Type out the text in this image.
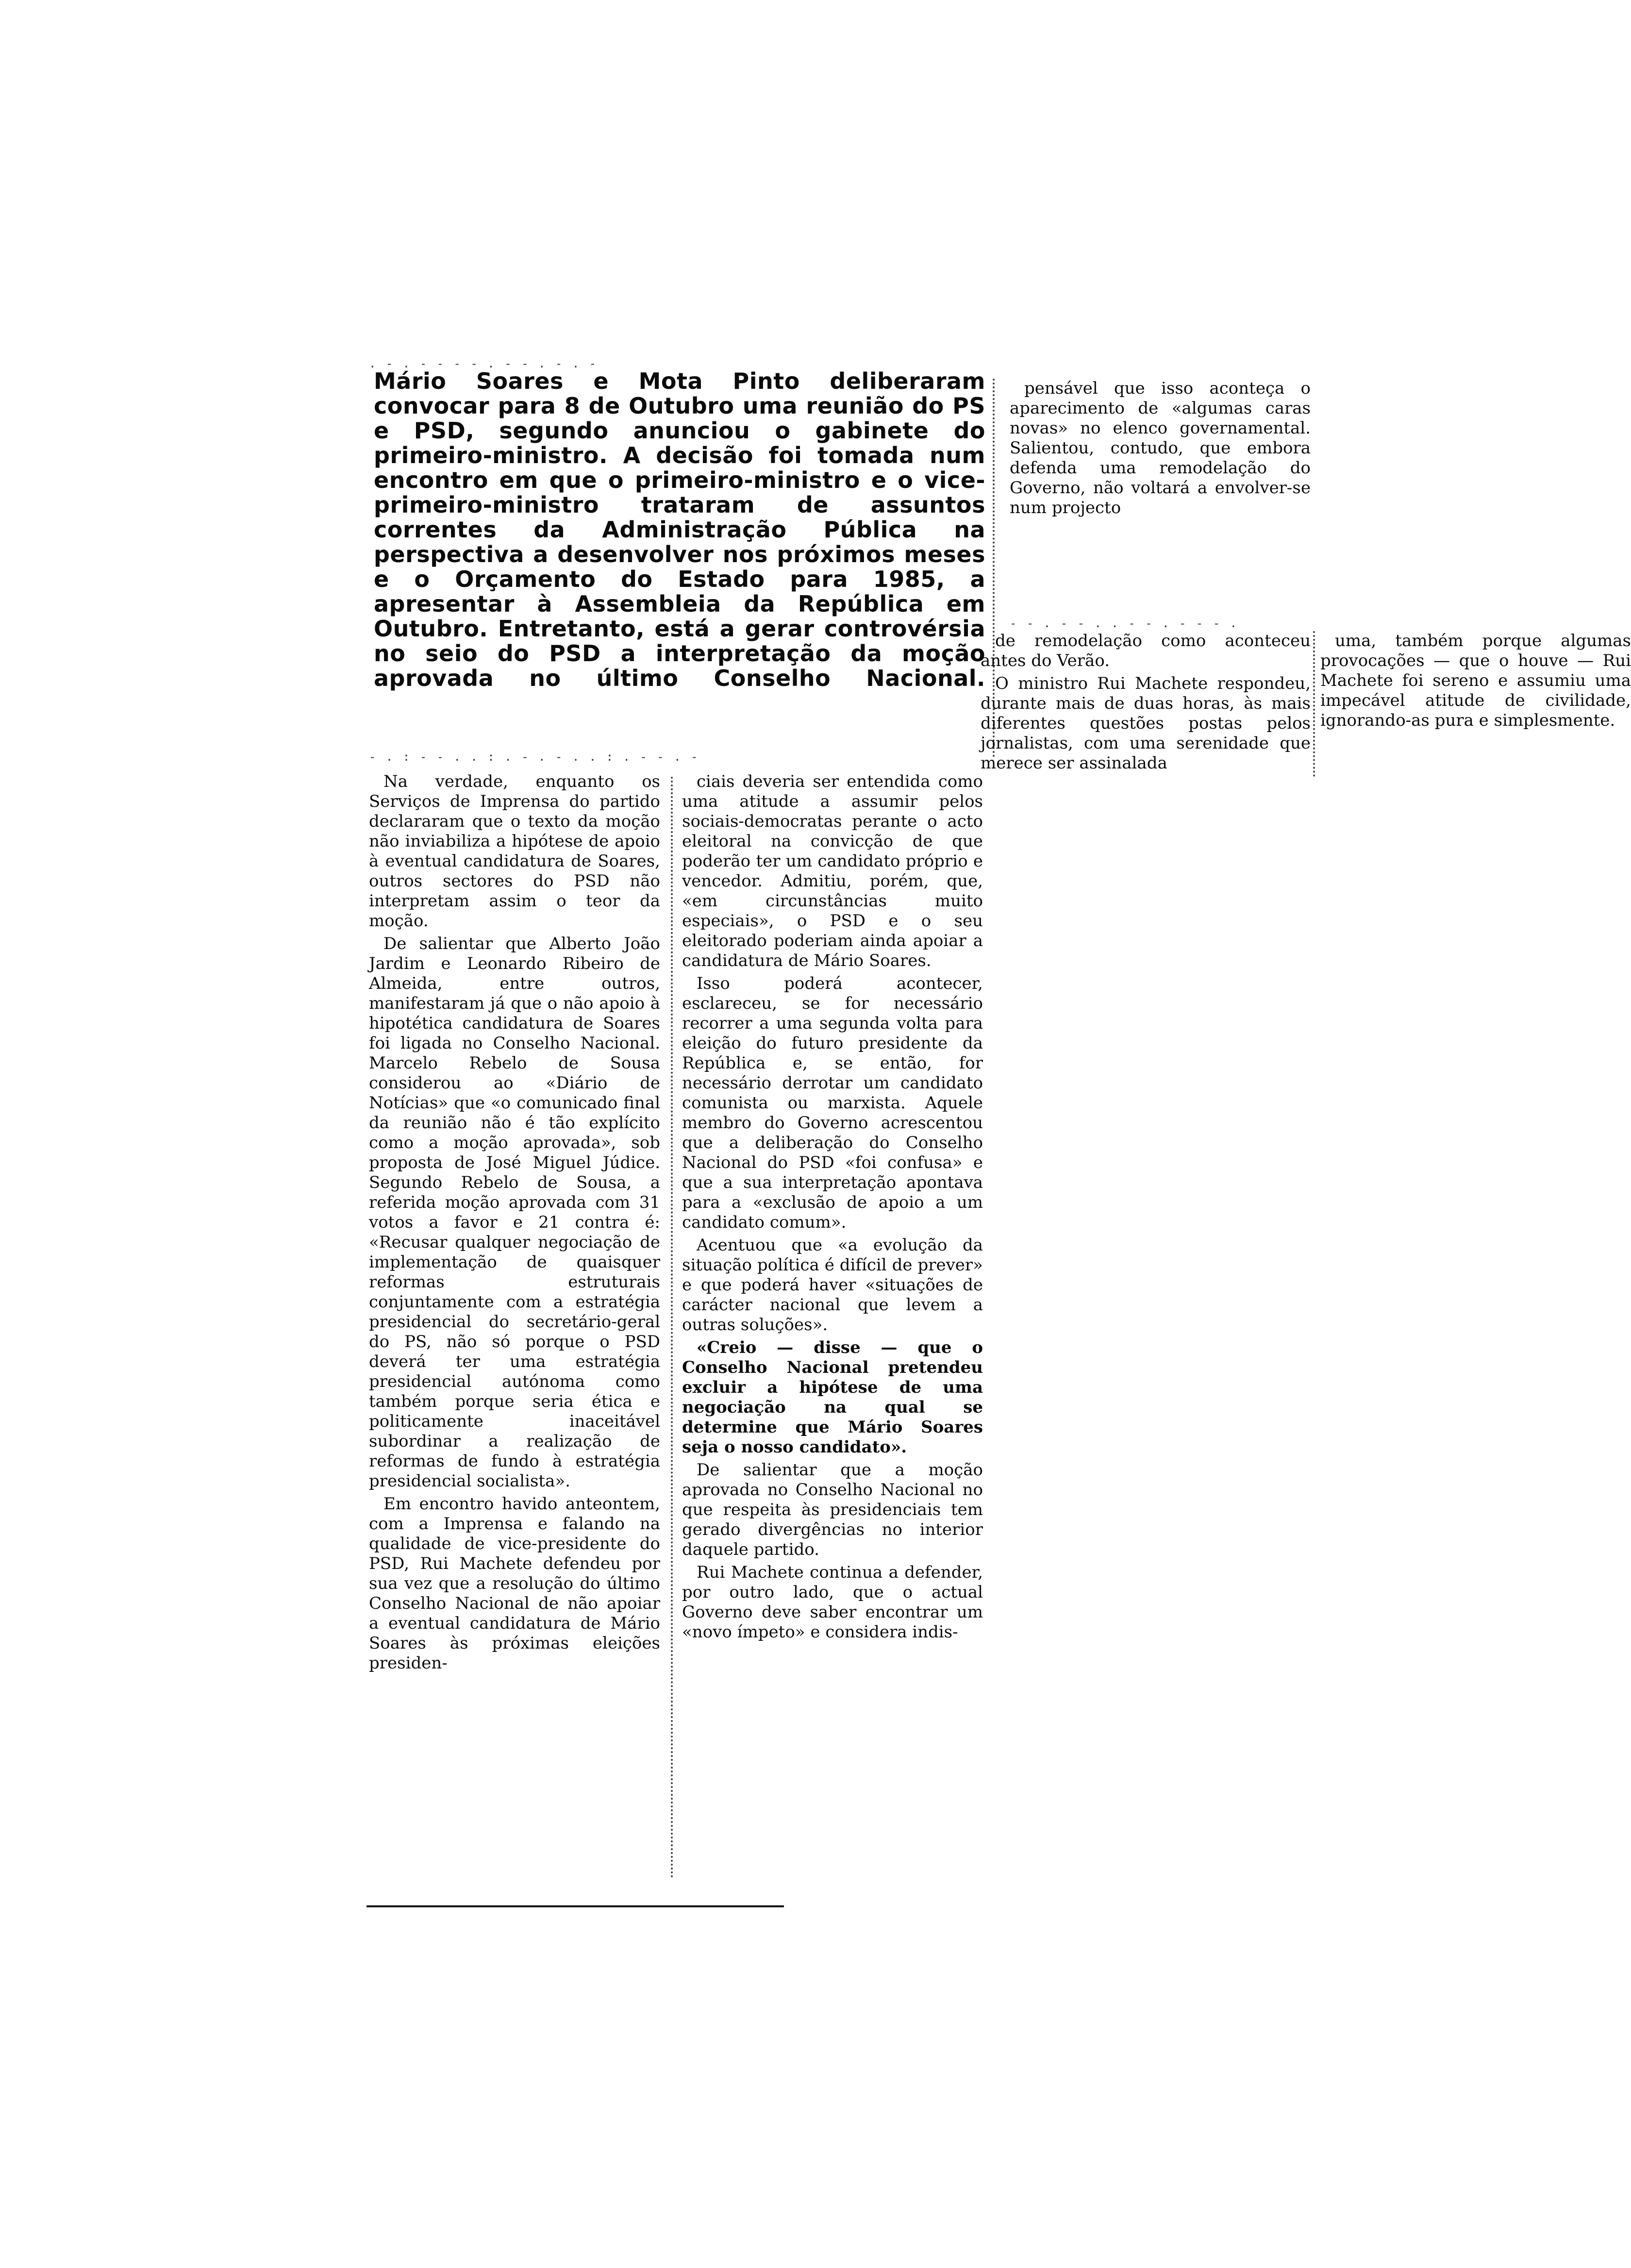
. - . - - - - . - - . - . -

Mário Soares e Mota Pinto deliberaram convocar para 8 de Outubro uma reunião do PS e PSD, segundo anunciou o gabinete do primeiro-ministro. A decisão foi tomada num encontro em que o primeiro-ministro e o vice-primeiro-ministro trataram de assuntos correntes da Administração Pública na perspectiva a desenvolver nos próximos meses e o Orçamento do Estado para 1985, a apresentar à Assembleia da República em Outubro. Entretanto, está a gerar controvérsia no seio do PSD a interpretação da moção aprovada no último Conselho Nacional.

- . : - - . . : . - . - . . : . - - . -

Na verdade, enquanto os Serviços de Imprensa do partido declararam que o texto da moção não inviabiliza a hipótese de apoio à eventual candidatura de Soares, outros sectores do PSD não interpretam assim o teor da moção.

De salientar que Alberto João Jardim e Leonardo Ribeiro de Almeida, entre outros, manifestaram já que o não apoio à hipotética candidatura de Soares foi ligada no Conselho Nacional. Marcelo Rebelo de Sousa considerou ao «Diário de Notícias» que «o comunicado final da reunião não é tão explícito como a moção aprovada», sob proposta de José Miguel Júdice. Segundo Rebelo de Sousa, a referida moção aprovada com 31 votos a favor e 21 contra é: «Recusar qualquer negociação de implementação de quaisquer reformas estruturais conjuntamente com a estratégia presidencial do secretário-geral do PS, não só porque o PSD deverá ter uma estratégia presidencial autónoma como também porque seria ética e politicamente inaceitável subordinar a realização de reformas de fundo à estratégia presidencial socialista».

Em encontro havido anteontem, com a Imprensa e falando na qualidade de vice-presidente do PSD, Rui Machete defendeu por sua vez que a resolução do último Conselho Nacional de não apoiar a eventual candidatura de Mário Soares às próximas eleições presiden-

ciais deveria ser entendida como uma atitude a assumir pelos sociais-democratas perante o acto eleitoral na convicção de que poderão ter um candidato próprio e vencedor. Admitiu, porém, que, «em circunstâncias muito especiais», o PSD e o seu eleitorado poderiam ainda apoiar a candidatura de Mário Soares.

Isso poderá acontecer, esclareceu, se for necessário recorrer a uma segunda volta para eleição do futuro presidente da República e, se então, for necessário derrotar um candidato comunista ou marxista. Aquele membro do Governo acrescentou que a deliberação do Conselho Nacional do PSD «foi confusa» e que a sua interpretação apontava para a «exclusão de apoio a um candidato comum».

Acentuou que «a evolução da situação política é difícil de prever» e que poderá haver «situações de carácter nacional que levem a outras soluções».

«Creio — disse — que o Conselho Nacional pretendeu excluir a hipótese de uma negociação na qual se determine que Mário Soares seja o nosso candidato».

De salientar que a moção aprovada no Conselho Nacional no que respeita às presidenciais tem gerado divergências no interior daquele partido.

Rui Machete continua a defender, por outro lado, que o actual Governo deve saber encontrar um «novo ímpeto» e considera indis-

pensável que isso aconteça o aparecimento de «algumas caras novas» no elenco governamental. Salientou, contudo, que embora defenda uma remodelação do Governo, não voltará a envolver-se num projecto

- - . - - . . - - . - - - .

de remodelação como aconteceu antes do Verão.

O ministro Rui Machete respondeu, durante mais de duas horas, às mais diferentes questões postas pelos jornalistas, com uma serenidade que merece ser assinalada

uma, também porque algumas provocações — que o houve — Rui Machete foi sereno e assumiu uma impecável atitude de civilidade, ignorando-as pura e simplesmente.
